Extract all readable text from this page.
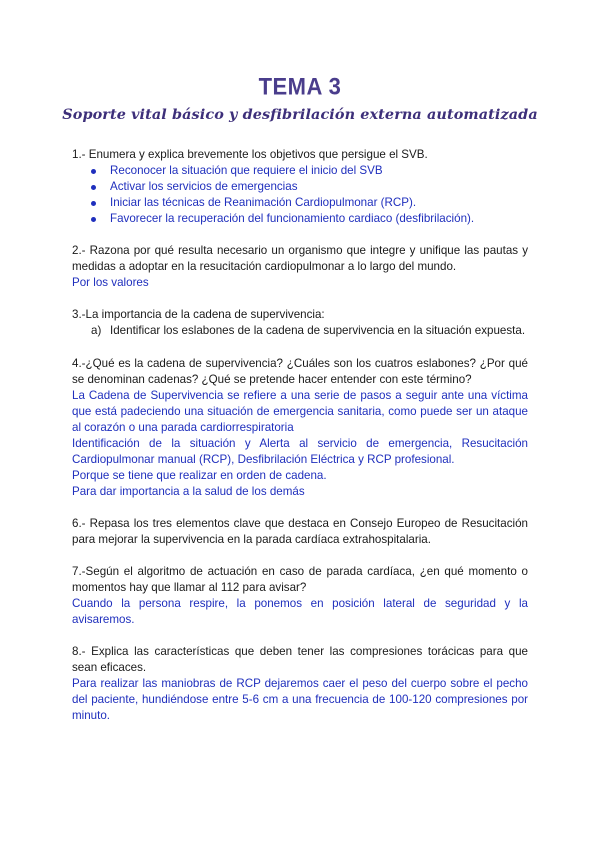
TEMA 3
Soporte vital básico y desfibrilación externa automatizada
1.- Enumera y explica brevemente los objetivos que persigue el SVB.
Reconocer la situación que requiere el inicio del SVB
Activar los servicios de emergencias
Iniciar las técnicas de Reanimación Cardiopulmonar (RCP).
Favorecer la recuperación del funcionamiento cardiaco (desfibrilación).
2.- Razona por qué resulta necesario un organismo que integre y unifique las pautas y medidas a adoptar en la resucitación cardiopulmonar a lo largo del mundo.
Por los valores
3.-La importancia de la cadena de supervivencia:
a) Identificar los eslabones de la cadena de supervivencia en la situación expuesta.
4.-¿Qué es la cadena de supervivencia? ¿Cuáles son los cuatros eslabones? ¿Por qué se denominan cadenas? ¿Qué se pretende hacer entender con este término?
La Cadena de Supervivencia se refiere a una serie de pasos a seguir ante una víctima que está padeciendo una situación de emergencia sanitaria, como puede ser un ataque al corazón o una parada cardiorrespiratoria
Identificación de la situación y Alerta al servicio de emergencia, Resucitación Cardiopulmonar manual (RCP), Desfibrilación Eléctrica y RCP profesional.
Porque se tiene que realizar en orden de cadena.
Para dar importancia a la salud de los demás
6.- Repasa los tres elementos clave que destaca en Consejo Europeo de Resucitación para mejorar la supervivencia en la parada cardíaca extrahospitalaria.
7.-Según el algoritmo de actuación en caso de parada cardíaca, ¿en qué momento o momentos hay que llamar al 112 para avisar?
Cuando la persona respire, la ponemos en posición lateral de seguridad y la avisaremos.
8.- Explica las características que deben tener las compresiones torácicas para que sean eficaces.
Para realizar las maniobras de RCP dejaremos caer el peso del cuerpo sobre el pecho del paciente, hundiéndose entre 5-6 cm a una frecuencia de 100-120 compresiones por minuto.
